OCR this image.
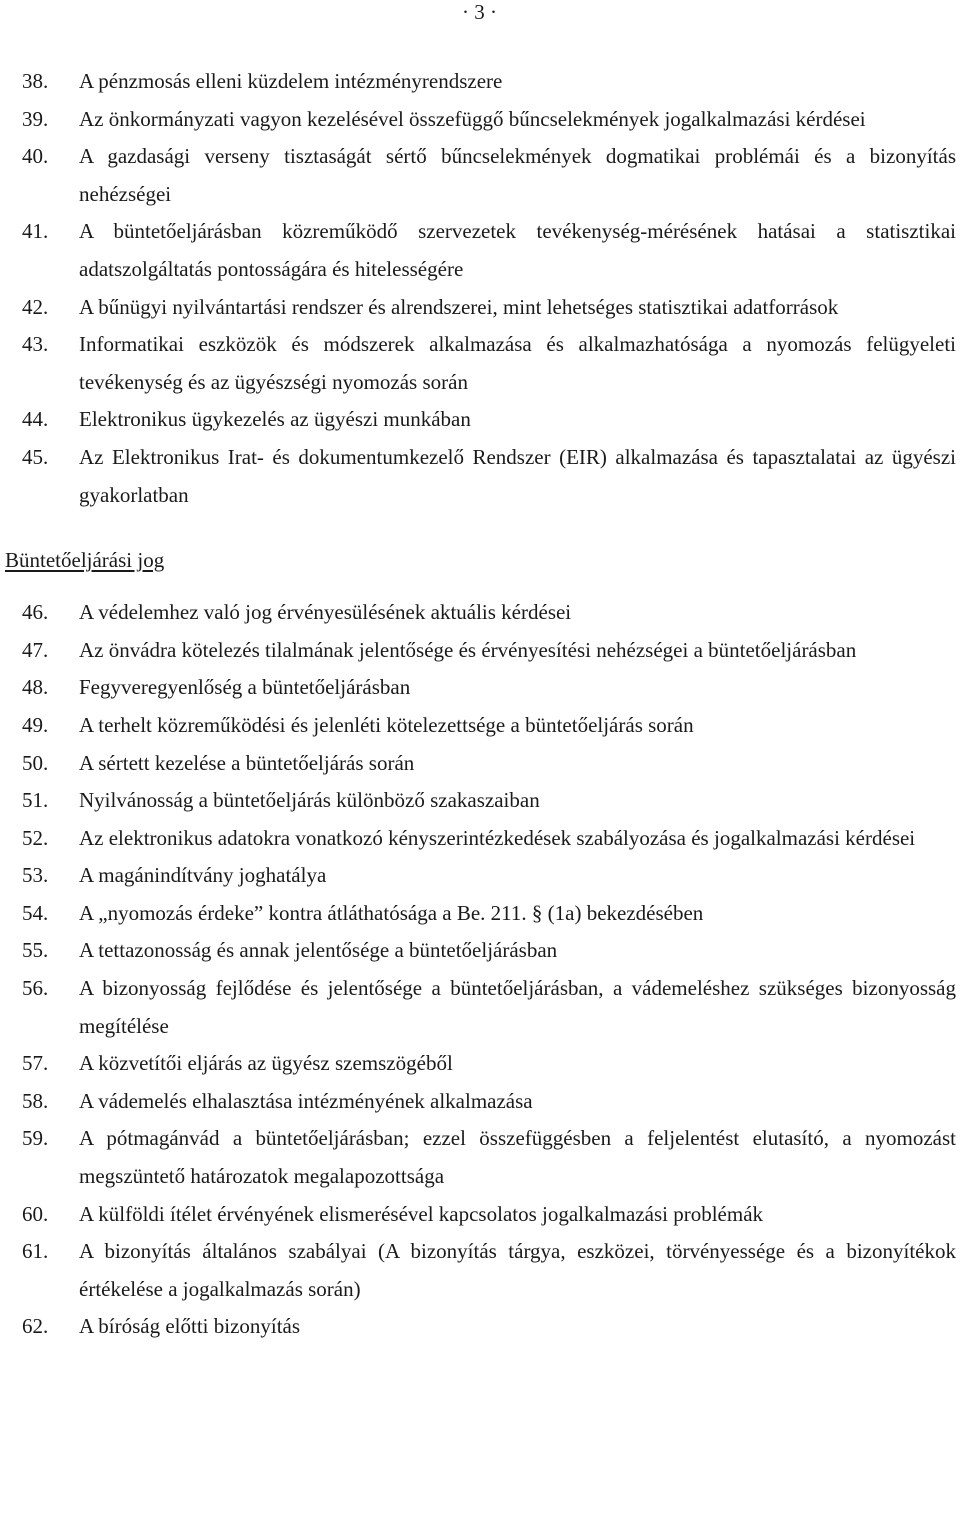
· 3 ·
38.	A pénzmosás elleni küzdelem intézményrendszere
39.	Az önkormányzati vagyon kezelésével összefüggő bűncselekmények jogalkalmazási kérdései
40.	A gazdasági verseny tisztaságát sértő bűncselekmények dogmatikai problémái és a bizonyítás nehézségei
41.	A büntetőeljárásban közreműködő szervezetek tevékenység-mérésének hatásai a statisztikai adatszolgáltatás pontosságára és hitelességére
42.	A bűnügyi nyilvántartási rendszer és alrendszerei, mint lehetséges statisztikai adatforrások
43.	Informatikai eszközök és módszerek alkalmazása és alkalmazhatósága a nyomozás felügyeleti tevékenység és az ügyészségi nyomozás során
44.	Elektronikus ügykezelés az ügyészi munkában
45.	Az Elektronikus Irat- és dokumentumkezelő Rendszer (EIR) alkalmazása és tapasztalatai az ügyészi gyakorlatban
Büntetőeljárási jog
46.	A védelemhez való jog érvényesülésének aktuális kérdései
47.	Az önvádra kötelezés tilalmának jelentősége és érvényesítési nehézségei a büntetőeljárásban
48.	Fegyveregyenlőség a büntetőeljárásban
49.	A terhelt közreműködési és jelenléti kötelezettsége a büntetőeljárás során
50.	A sértett kezelése a büntetőeljárás során
51.	Nyilvánosság a büntetőeljárás különböző szakaszaiban
52.	Az elektronikus adatokra vonatkozó kényszerintézkedések szabályozása és jogalkalmazási kérdései
53.	A magánindítvány joghatálya
54.	A „nyomozás érdeke” kontra átláthatósága a Be. 211. § (1a) bekezdésében
55.	A tettazonosság és annak jelentősége a büntetőeljárásban
56.	A bizonyosság fejlődése és jelentősége a büntetőeljárásban, a vádemeléshez szükséges bizonyosság megítélése
57.	A közvetítői eljárás az ügyész szemszögéből
58.	A vádemelés elhalasztása intézményének alkalmazása
59.	A pótmagánvád a büntetőeljárásban; ezzel összefüggésben a feljelentést elutasító, a nyomozást megszüntető határozatok megalapozottsága
60.	A külföldi ítélet érvényének elismerésével kapcsolatos jogalkalmazási problémák
61.	A bizonyítás általános szabályai (A bizonyítás tárgya, eszközei, törvényessége és a bizonyítékok értékelése a jogalkalmazás során)
62.	A bíróság előtti bizonyítás
